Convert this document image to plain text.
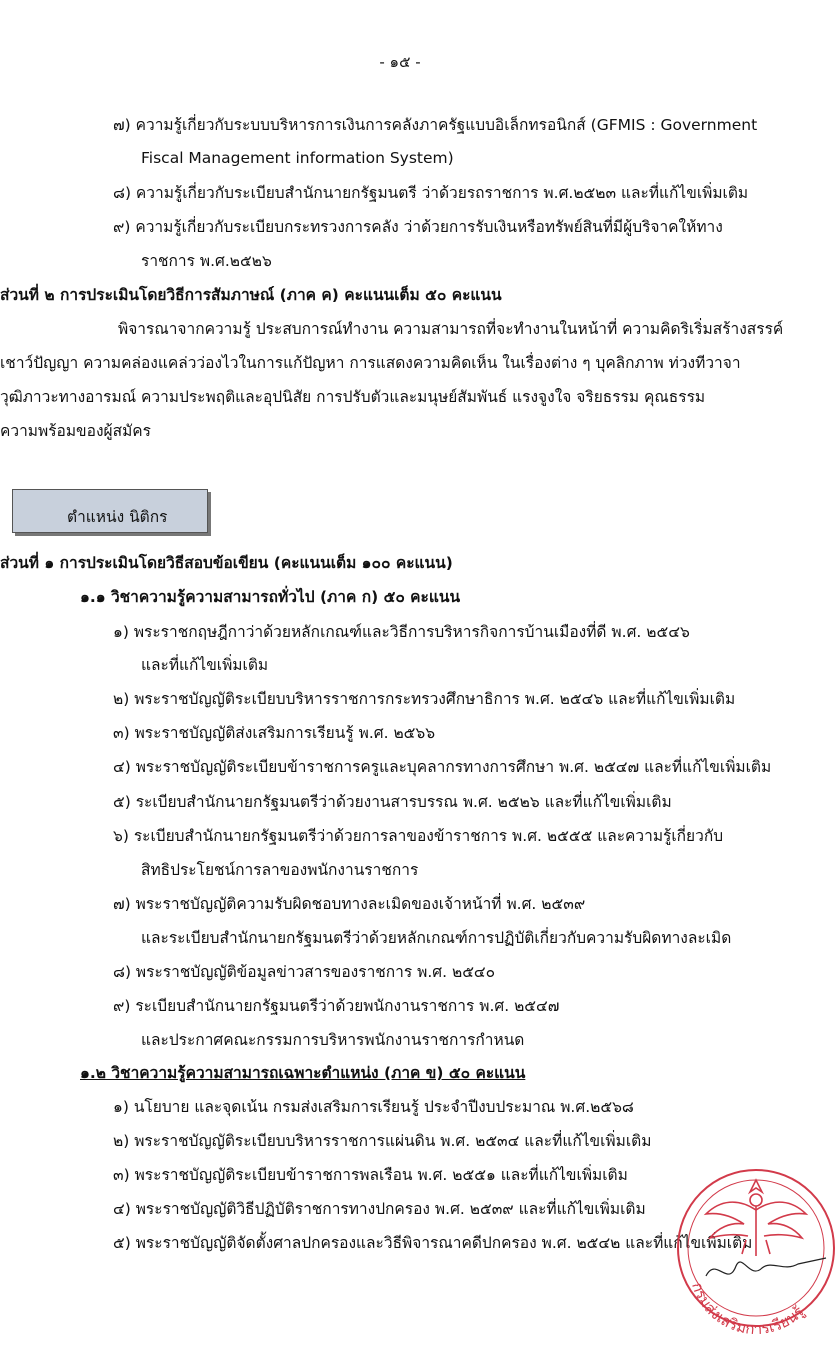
- ๑๕ -
๗) ความรู้เกี่ยวกับระบบบริหารการเงินการคลังภาครัฐแบบอิเล็กทรอนิกส์ (GFMIS : Government
Fiscal Management information System)
๘) ความรู้เกี่ยวกับระเบียบสำนักนายกรัฐมนตรี ว่าด้วยรถราชการ พ.ศ.๒๕๒๓ และที่แก้ไขเพิ่มเติม
๙) ความรู้เกี่ยวกับระเบียบกระทรวงการคลัง ว่าด้วยการรับเงินหรือทรัพย์สินที่มีผู้บริจาคให้ทาง
ราชการ พ.ศ.๒๕๒๖
ส่วนที่ ๒ การประเมินโดยวิธีการสัมภาษณ์ (ภาค ค) คะแนนเต็ม ๕๐ คะแนน
พิจารณาจากความรู้ ประสบการณ์ทำงาน ความสามารถที่จะทำงานในหน้าที่ ความคิดริเริ่มสร้างสรรค์
เชาว์ปัญญา ความคล่องแคล่วว่องไวในการแก้ปัญหา การแสดงความคิดเห็น ในเรื่องต่าง ๆ บุคลิกภาพ ท่วงทีวาจา
วุฒิภาวะทางอารมณ์ ความประพฤติและอุปนิสัย การปรับตัวและมนุษย์สัมพันธ์ แรงจูงใจ จริยธรรม คุณธรรม
ความพร้อมของผู้สมัคร
ตำแหน่ง นิติกร
ส่วนที่ ๑ การประเมินโดยวิธีสอบข้อเขียน (คะแนนเต็ม ๑๐๐ คะแนน)
๑.๑ วิชาความรู้ความสามารถทั่วไป (ภาค ก) ๕๐ คะแนน
๑) พระราชกฤษฎีกาว่าด้วยหลักเกณฑ์และวิธีการบริหารกิจการบ้านเมืองที่ดี พ.ศ. ๒๕๔๖
และที่แก้ไขเพิ่มเติม
๒) พระราชบัญญัติระเบียบบริหารราชการกระทรวงศึกษาธิการ พ.ศ. ๒๕๔๖ และที่แก้ไขเพิ่มเติม
๓) พระราชบัญญัติส่งเสริมการเรียนรู้ พ.ศ. ๒๕๖๖
๔) พระราชบัญญัติระเบียบข้าราชการครูและบุคลากรทางการศึกษา พ.ศ. ๒๕๔๗ และที่แก้ไขเพิ่มเติม
๕) ระเบียบสำนักนายกรัฐมนตรีว่าด้วยงานสารบรรณ พ.ศ. ๒๕๒๖ และที่แก้ไขเพิ่มเติม
๖) ระเบียบสำนักนายกรัฐมนตรีว่าด้วยการลาของข้าราชการ พ.ศ. ๒๕๕๕ และความรู้เกี่ยวกับ
สิทธิประโยชน์การลาของพนักงานราชการ
๗) พระราชบัญญัติความรับผิดชอบทางละเมิดของเจ้าหน้าที่ พ.ศ. ๒๕๓๙
และระเบียบสำนักนายกรัฐมนตรีว่าด้วยหลักเกณฑ์การปฏิบัติเกี่ยวกับความรับผิดทางละเมิด
๘) พระราชบัญญัติข้อมูลข่าวสารของราชการ พ.ศ. ๒๕๔๐
๙) ระเบียบสำนักนายกรัฐมนตรีว่าด้วยพนักงานราชการ พ.ศ. ๒๕๔๗
และประกาศคณะกรรมการบริหารพนักงานราชการกำหนด
๑.๒ วิชาความรู้ความสามารถเฉพาะตำแหน่ง (ภาค ข) ๕๐ คะแนน
๑) นโยบาย และจุดเน้น กรมส่งเสริมการเรียนรู้ ประจำปีงบประมาณ พ.ศ.๒๕๖๘
๒) พระราชบัญญัติระเบียบบริหารราชการแผ่นดิน พ.ศ. ๒๕๓๔ และที่แก้ไขเพิ่มเติม
๓) พระราชบัญญัติระเบียบข้าราชการพลเรือน พ.ศ. ๒๕๕๑ และที่แก้ไขเพิ่มเติม
๔) พระราชบัญญัติวิธีปฏิบัติราชการทางปกครอง พ.ศ. ๒๕๓๙ และที่แก้ไขเพิ่มเติม
๕) พระราชบัญญัติจัดตั้งศาลปกครองและวิธีพิจารณาคดีปกครอง พ.ศ. ๒๕๔๒ และที่แก้ไขเพิ่มเติม
กรมส่งเสริมการเรียนรู้
